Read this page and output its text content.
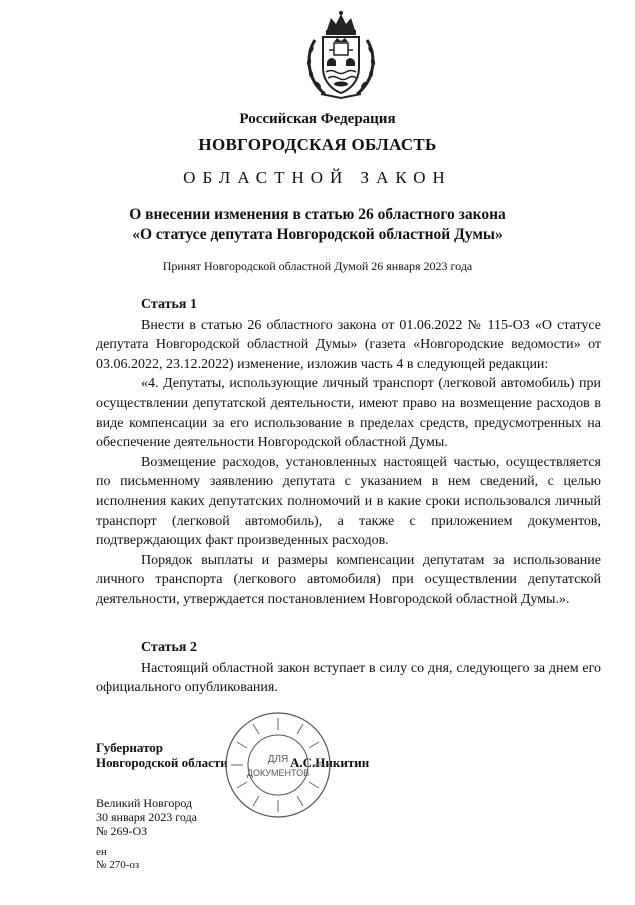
Российская Федерация
НОВГОРОДСКАЯ ОБЛАСТЬ
ОБЛАСТНОЙ ЗАКОН
О внесении изменения в статью 26 областного закона
«О статусе депутата Новгородской областной Думы»
Принят Новгородской областной Думой 26 января 2023 года
Статья 1

Внести в статью 26 областного закона от 01.06.2022 № 115-ОЗ «О статусе депутата Новгородской областной Думы» (газета «Новгородские ведомости» от 03.06.2022, 23.12.2022) изменение, изложив часть 4 в следующей редакции:

«4. Депутаты, использующие личный транспорт (легковой автомобиль) при осуществлении депутатской деятельности, имеют право на возмещение расходов в виде компенсации за его использование в пределах средств, предусмотренных на обеспечение деятельности Новгородской областной Думы.

Возмещение расходов, установленных настоящей частью, осуществляется по письменному заявлению депутата с указанием в нем сведений, с целью исполнения каких депутатских полномочий и в какие сроки использовался личный транспорт (легковой автомобиль), а также с приложением документов, подтверждающих факт произведенных расходов.

Порядок выплаты и размеры компенсации депутатам за использование личного транспорта (легкового автомобиля) при осуществлении депутатской деятельности, утверждается постановлением Новгородской областной Думы.».

Статья 2

Настоящий областной закон вступает в силу со дня, следующего за днем его официального опубликования.

Губернатор
Новгородской области	А.С.Никитин
ДЛЯ
ДОКУМЕНТОВ
Великий Новгород
30 января 2023 года
№ 269-ОЗ
ен
№ 270-оз
